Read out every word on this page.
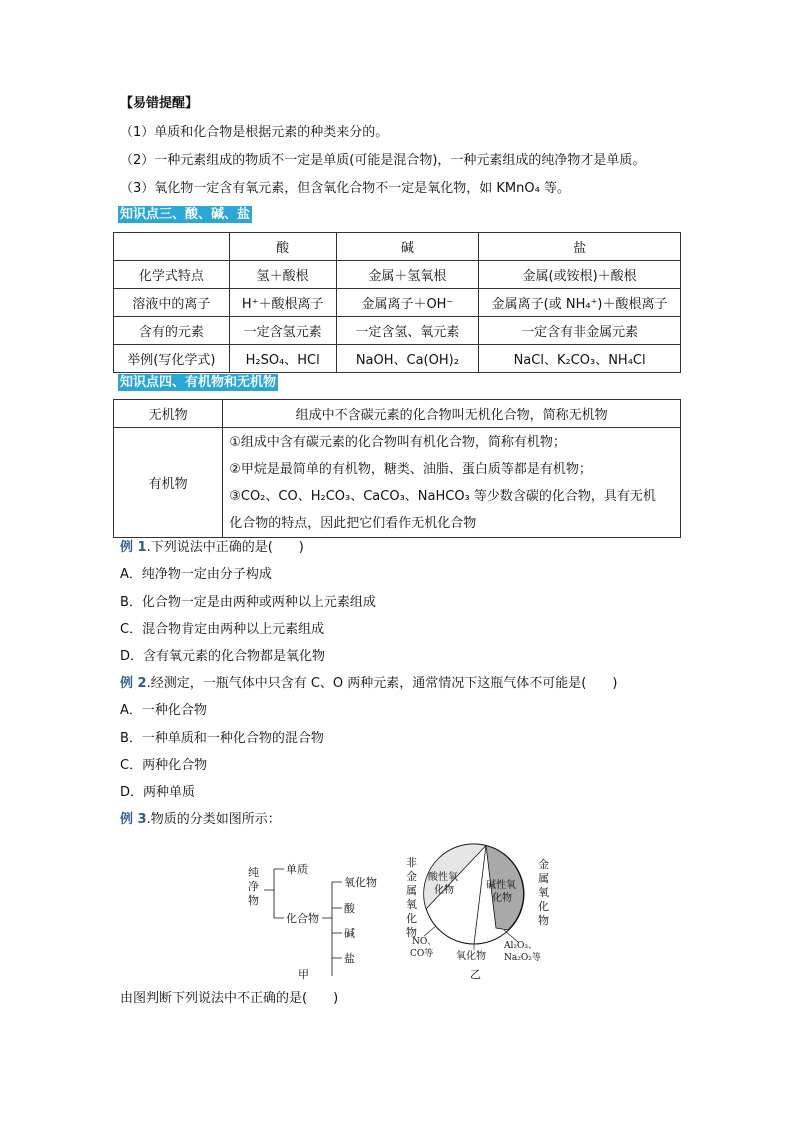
【易错提醒】
（1）单质和化合物是根据元素的种类来分的。
（2）一种元素组成的物质不一定是单质(可能是混合物)，一种元素组成的纯净物才是单质。
（3）氧化物一定含有氧元素，但含氧化合物不一定是氧化物，如 KMnO₄ 等。
知识点三、酸、碱、盐
	酸	碱	盐
化学式特点	氢＋酸根	金属＋氢氧根	金属(或铵根)＋酸根
溶液中的离子	H⁺＋酸根离子	金属离子＋OH⁻	金属离子(或 NH₄⁺)＋酸根离子
含有的元素	一定含氢元素	一定含氢、氧元素	一定含有非金属元素
举例(写化学式)	H₂SO₄、HCl	NaOH、Ca(OH)₂	NaCl、K₂CO₃、NH₄Cl
知识点四、有机物和无机物
无机物	组成中不含碳元素的化合物叫无机化合物，简称无机物
有机物	①组成中含有碳元素的化合物叫有机化合物，简称有机物；
②甲烷是最简单的有机物，糖类、油脂、蛋白质等都是有机物；
③CO₂、CO、H₂CO₃、CaCO₃、NaHCO₃ 等少数含碳的化合物，具有无机
化合物的特点，因此把它们看作无机化合物
例 1.下列说法中正确的是(　　)
A．纯净物一定由分子构成
B．化合物一定是由两种或两种以上元素组成
C．混合物肯定由两种以上元素组成
D．含有氧元素的化合物都是氧化物
例 2.经测定，一瓶气体中只含有 C、O 两种元素，通常情况下这瓶气体不可能是(　　)
A．一种化合物
B．一种单质和一种化合物的混合物
C．两种化合物
D．两种单质
例 3.物质的分类如图所示：
纯
净
物
单质
化合物
氧化物
酸
碱
盐
甲
非金属氧化物
金属氧化物
酸性氧
化物	碱性氧
化物
NO、
CO等 氧化物
Al₂O₃、
Na₂O₂等
乙
由图判断下列说法中不正确的是(　　)
